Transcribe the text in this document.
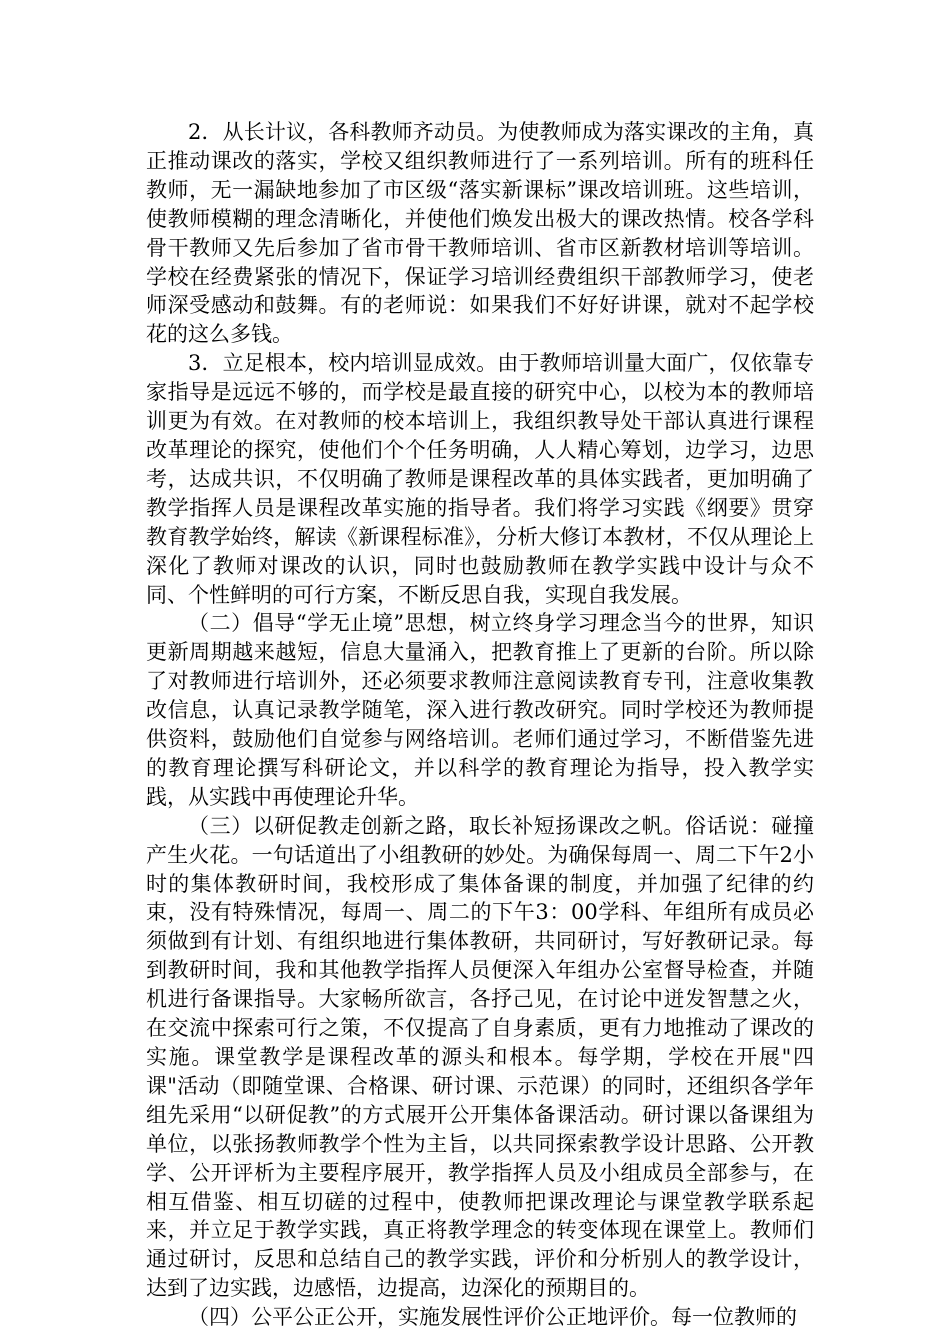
2．从长计议，各科教师齐动员。为使教师成为落实课改的主角，真正推动课改的落实，学校又组织教师进行了一系列培训。所有的班科任教师，无一漏缺地参加了市区级“落实新课标”课改培训班。这些培训，使教师模糊的理念清晰化，并使他们焕发出极大的课改热情。校各学科骨干教师又先后参加了省市骨干教师培训、省市区新教材培训等培训。学校在经费紧张的情况下，保证学习培训经费组织干部教师学习，使老师深受感动和鼓舞。有的老师说：如果我们不好好讲课，就对不起学校花的这么多钱。

3．立足根本，校内培训显成效。由于教师培训量大面广，仅依靠专家指导是远远不够的，而学校是最直接的研究中心，以校为本的教师培训更为有效。在对教师的校本培训上，我组织教导处干部认真进行课程改革理论的探究，使他们个个任务明确，人人精心筹划，边学习，边思考，达成共识，不仅明确了教师是课程改革的具体实践者，更加明确了教学指挥人员是课程改革实施的指导者。我们将学习实践《纲要》贯穿教育教学始终，解读《新课程标准》，分析大修订本教材，不仅从理论上深化了教师对课改的认识，同时也鼓励教师在教学实践中设计与众不同、个性鲜明的可行方案，不断反思自我，实现自我发展。

（二）倡导“学无止境”思想，树立终身学习理念当今的世界，知识更新周期越来越短，信息大量涌入，把教育推上了更新的台阶。所以除了对教师进行培训外，还必须要求教师注意阅读教育专刊，注意收集教改信息，认真记录教学随笔，深入进行教改研究。同时学校还为教师提供资料，鼓励他们自觉参与网络培训。老师们通过学习，不断借鉴先进的教育理论撰写科研论文，并以科学的教育理论为指导，投入教学实践，从实践中再使理论升华。

（三）以研促教走创新之路，取长补短扬课改之帆。俗话说：碰撞产生火花。一句话道出了小组教研的妙处。为确保每周一、周二下午2小时的集体教研时间，我校形成了集体备课的制度，并加强了纪律的约束，没有特殊情况，每周一、周二的下午3：00学科、年组所有成员必须做到有计划、有组织地进行集体教研，共同研讨，写好教研记录。每到教研时间，我和其他教学指挥人员便深入年组办公室督导检查，并随机进行备课指导。大家畅所欲言，各抒己见，在讨论中迸发智慧之火，在交流中探索可行之策，不仅提高了自身素质，更有力地推动了课改的实施。课堂教学是课程改革的源头和根本。每学期，学校在开展"四课"活动（即随堂课、合格课、研讨课、示范课）的同时，还组织各学年组先采用“以研促教”的方式展开公开集体备课活动。研讨课以备课组为单位，以张扬教师教学个性为主旨，以共同探索教学设计思路、公开教学、公开评析为主要程序展开，教学指挥人员及小组成员全部参与，在相互借鉴、相互切磋的过程中，使教师把课改理论与课堂教学联系起来，并立足于教学实践，真正将教学理念的转变体现在课堂上。教师们通过研讨，反思和总结自己的教学实践，评价和分析别人的教学设计，达到了边实践，边感悟，边提高，边深化的预期目的。

（四）公平公正公开，实施发展性评价公正地评价。每一位教师的
